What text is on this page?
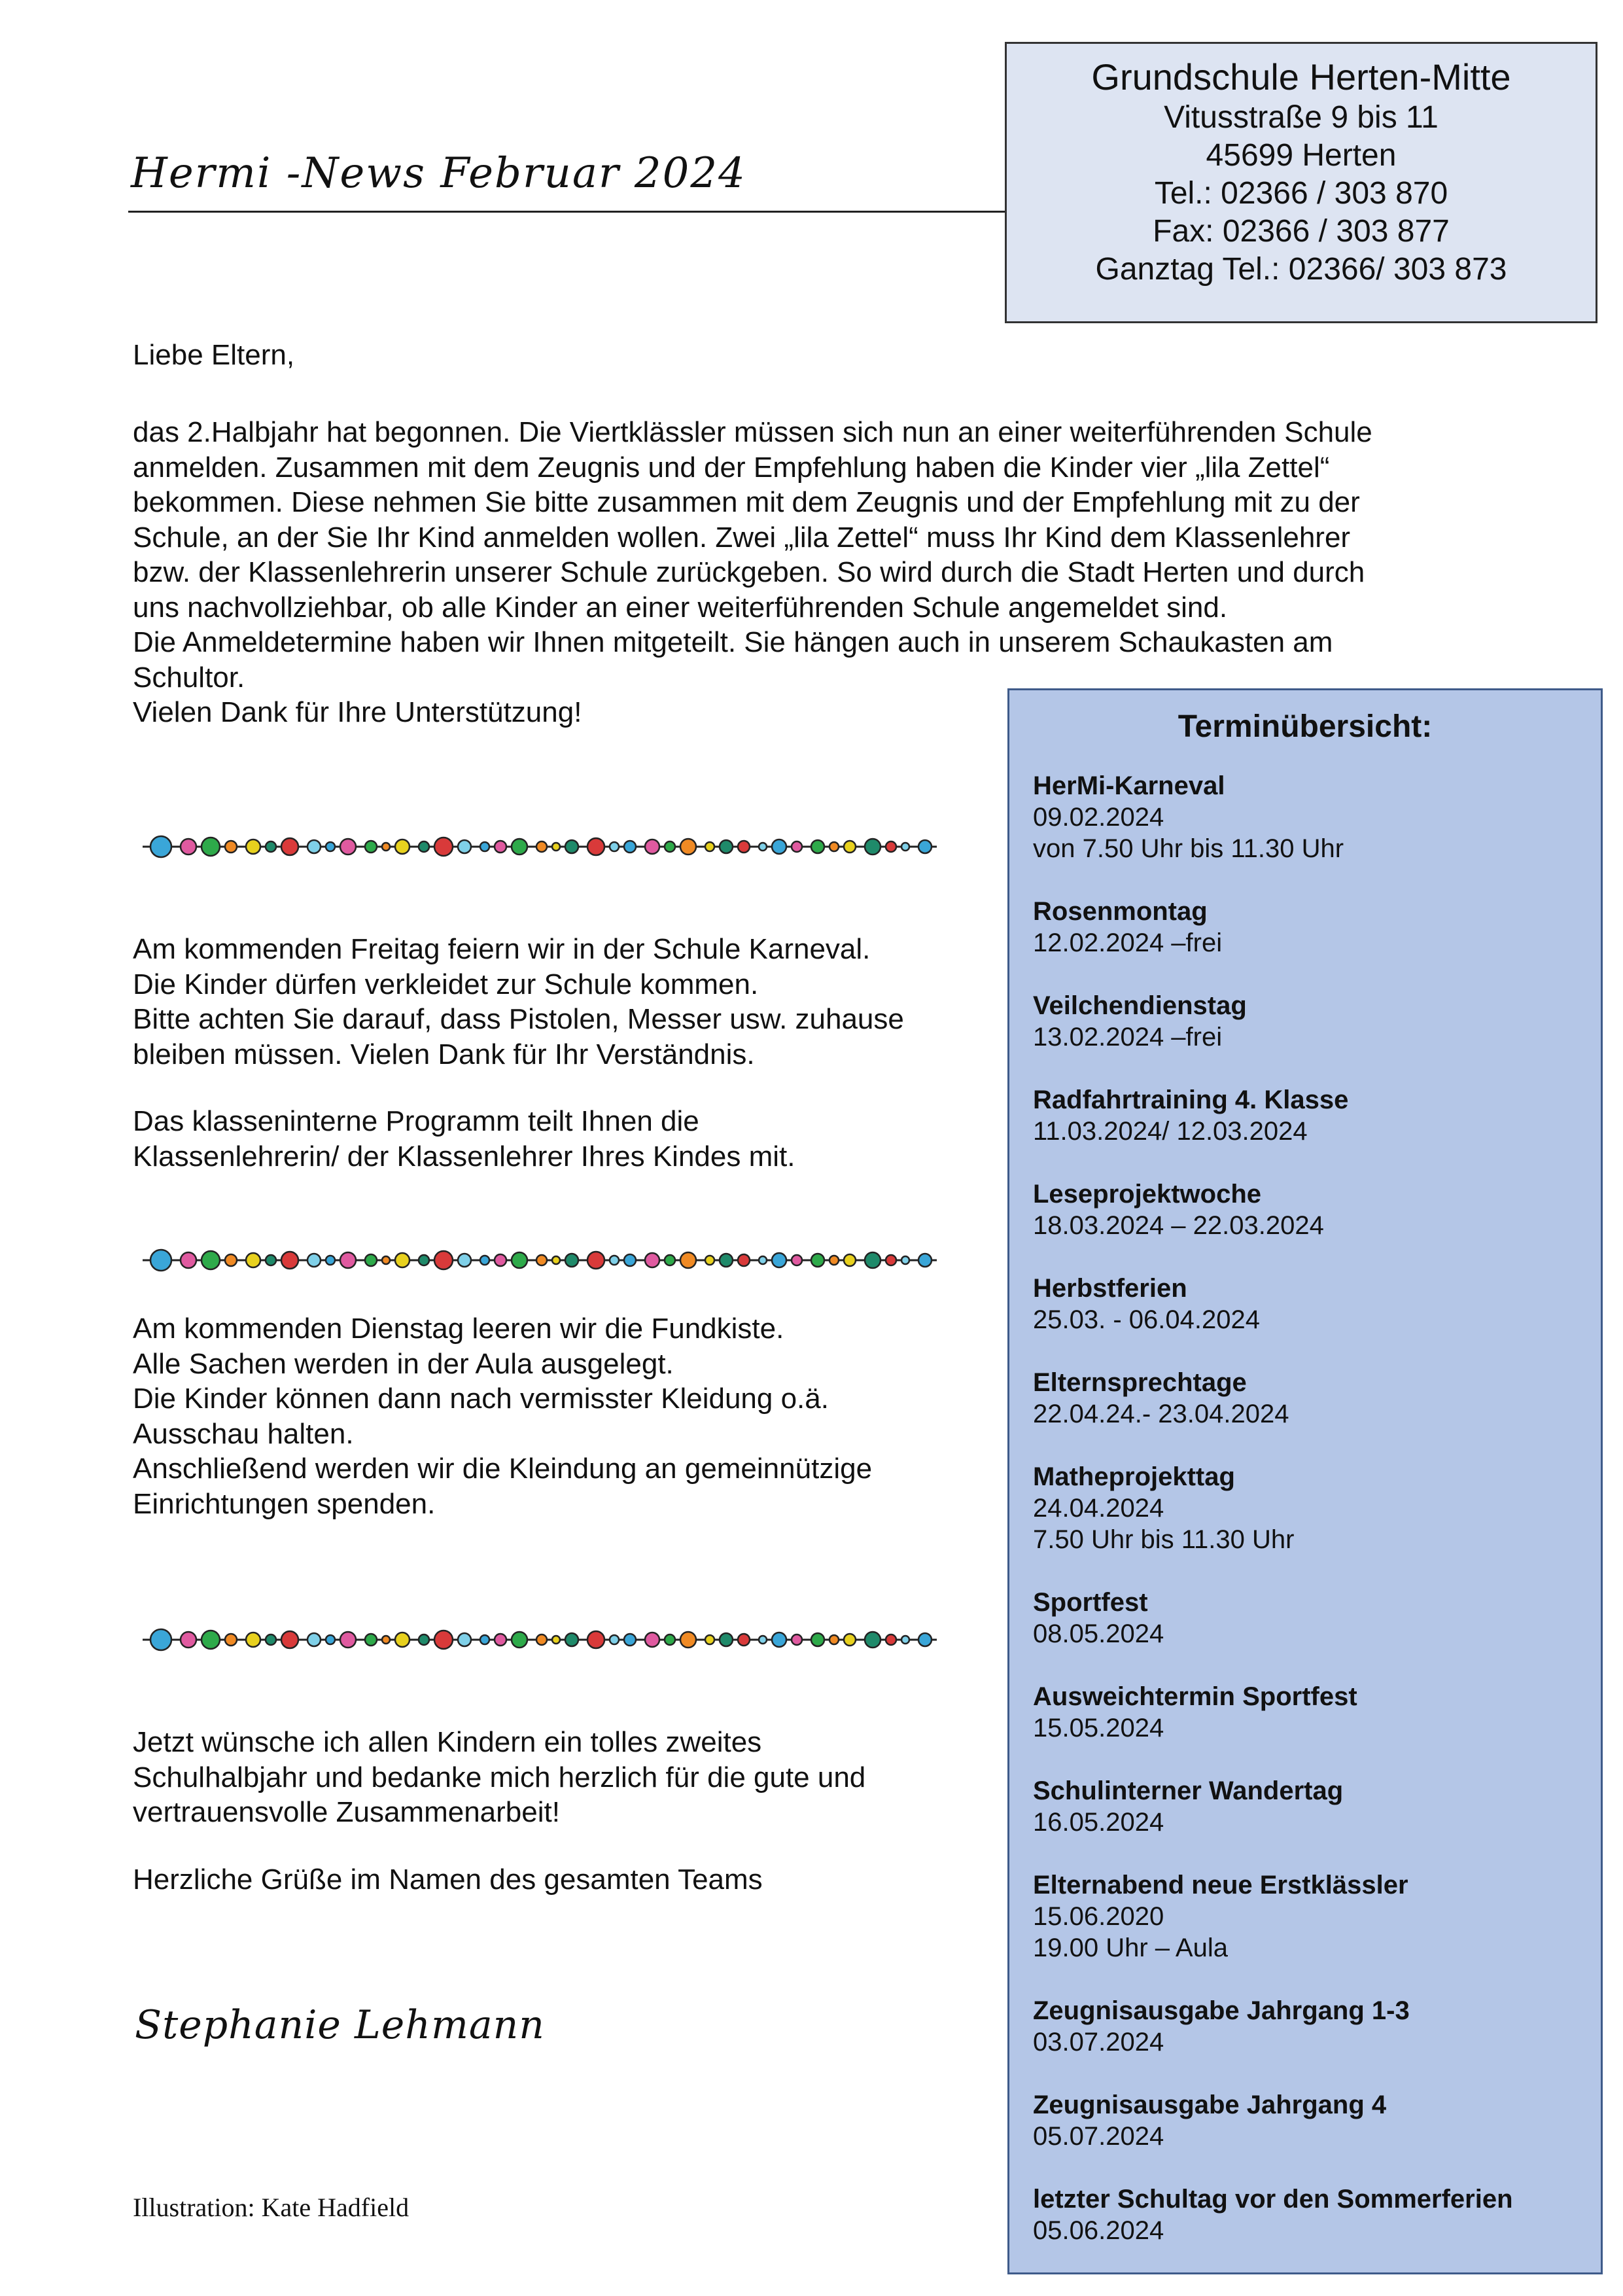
Hermi -News Februar 2024
Grundschule Herten-Mitte
Vitusstraße 9 bis 11
45699 Herten
Tel.: 02366 / 303 870
Fax: 02366 / 303 877
Ganztag Tel.: 02366/ 303 873

Liebe Eltern,

das 2.Halbjahr hat begonnen. Die Viertklässler müssen sich nun an einer weiterführenden Schule

anmelden. Zusammen mit dem Zeugnis und der Empfehlung haben die Kinder vier „lila Zettel“

bekommen. Diese nehmen Sie bitte zusammen mit dem Zeugnis und der Empfehlung mit zu der

Schule, an der Sie Ihr Kind anmelden wollen. Zwei „lila Zettel“ muss Ihr Kind dem Klassenlehrer

bzw. der Klassenlehrerin unserer Schule zurückgeben. So wird durch die Stadt Herten und durch

uns nachvollziehbar, ob alle Kinder an einer weiterführenden Schule angemeldet sind.

Die Anmeldetermine haben wir Ihnen mitgeteilt. Sie hängen auch in unserem Schaukasten am

Schultor.

Vielen Dank für Ihre Unterstützung!

Am kommenden Freitag feiern wir in der Schule Karneval.

Die Kinder dürfen verkleidet zur Schule kommen.

Bitte achten Sie darauf, dass Pistolen, Messer usw. zuhause

bleiben müssen. Vielen Dank für Ihr Verständnis.

Das klasseninterne Programm teilt Ihnen die

Klassenlehrerin/ der Klassenlehrer Ihres Kindes mit.

Am kommenden Dienstag leeren wir die Fundkiste.

Alle Sachen werden in der Aula ausgelegt.

Die Kinder können dann nach vermisster Kleidung o.ä.

Ausschau halten.

Anschließend werden wir die Kleindung an gemeinnützige

Einrichtungen spenden.

Jetzt wünsche ich allen Kindern ein tolles zweites

Schulhalbjahr und bedanke mich herzlich für die gute und

vertrauensvolle Zusammenarbeit!

Herzliche Grüße im Namen des gesamten Teams

Stephanie Lehmann
Illustration: Kate Hadfield
Terminübersicht:
HerMi-Karneval
09.02.2024
von 7.50 Uhr bis 11.30 Uhr
Rosenmontag
12.02.2024 –frei
Veilchendienstag
13.02.2024 –frei
Radfahrtraining 4. Klasse
11.03.2024/ 12.03.2024
Leseprojektwoche
18.03.2024 – 22.03.2024
Herbstferien
25.03. - 06.04.2024
Elternsprechtage
22.04.24.- 23.04.2024
Matheprojekttag
24.04.2024
7.50 Uhr bis 11.30 Uhr
Sportfest
08.05.2024
Ausweichtermin Sportfest
15.05.2024
Schulinterner Wandertag
16.05.2024
Elternabend neue Erstklässler
15.06.2020
19.00 Uhr – Aula
Zeugnisausgabe Jahrgang 1-3
03.07.2024
Zeugnisausgabe Jahrgang 4
05.07.2024
letzter Schultag vor den Sommerferien
05.06.2024
